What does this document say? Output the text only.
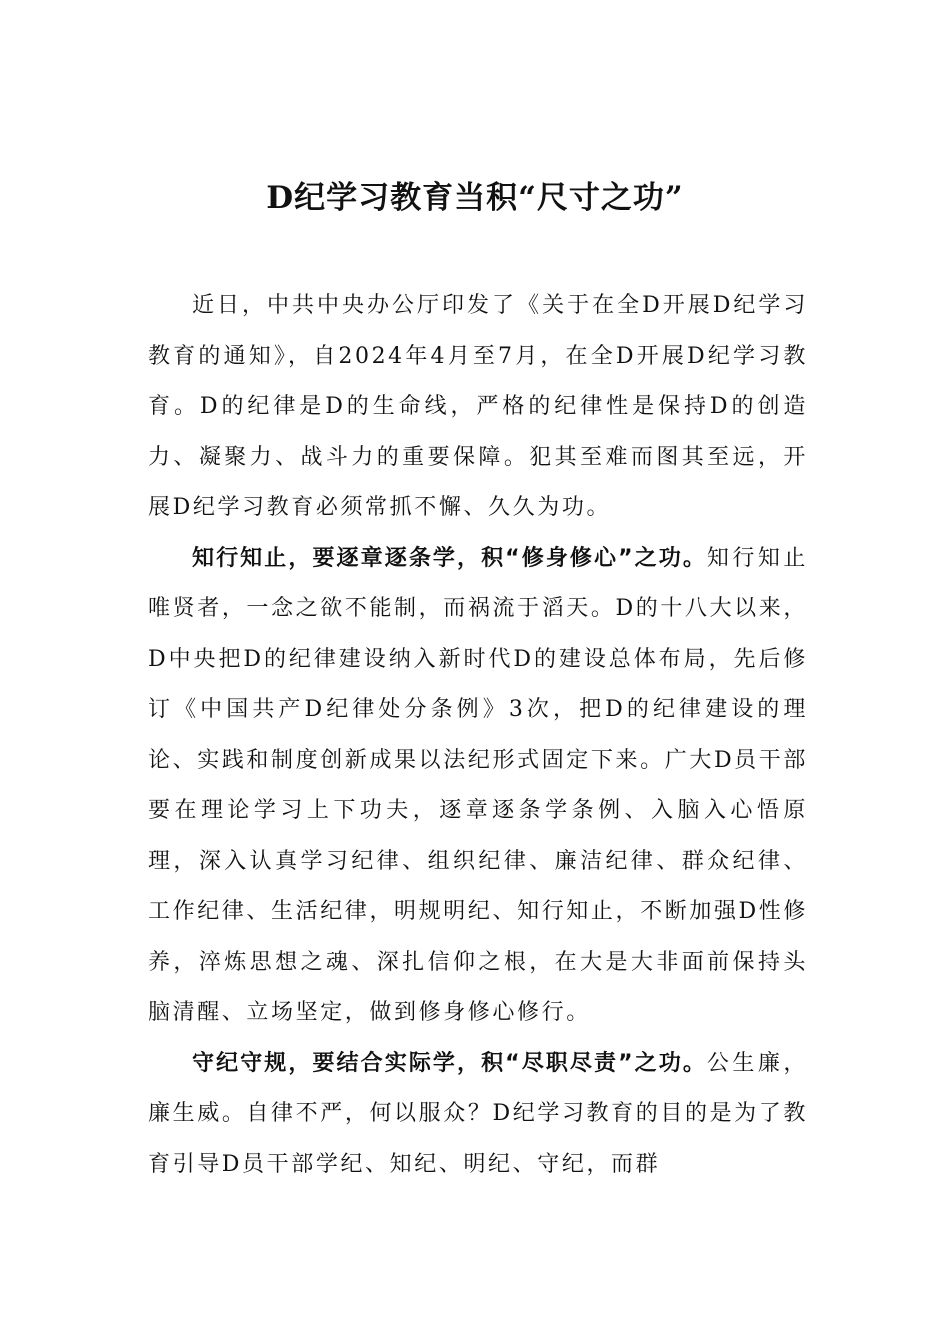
D纪学习教育当积“尺寸之功”

近日，中共中央办公厅印发了《关于在全D开展D纪学习教育的通知》，自2024年4月至7月，在全D开展D纪学习教育。D的纪律是D的生命线，严格的纪律性是保持D的创造力、凝聚力、战斗力的重要保障。犯其至难而图其至远，开展D纪学习教育必须常抓不懈、久久为功。

知行知止，要逐章逐条学，积“修身修心”之功。知行知止唯贤者，一念之欲不能制，而祸流于滔天。D的十八大以来，D中央把D的纪律建设纳入新时代D的建设总体布局，先后修订《中国共产D纪律处分条例》3次，把D的纪律建设的理论、实践和制度创新成果以法纪形式固定下来。广大D员干部要在理论学习上下功夫，逐章逐条学条例、入脑入心悟原理，深入认真学习纪律、组织纪律、廉洁纪律、群众纪律、工作纪律、生活纪律，明规明纪、知行知止，不断加强D性修养，淬炼思想之魂、深扎信仰之根，在大是大非面前保持头脑清醒、立场坚定，做到修身修心修行。

守纪守规，要结合实际学，积“尽职尽责”之功。公生廉，廉生威。自律不严，何以服众？D纪学习教育的目的是为了教育引导D员干部学纪、知纪、明纪、守纪，而群
